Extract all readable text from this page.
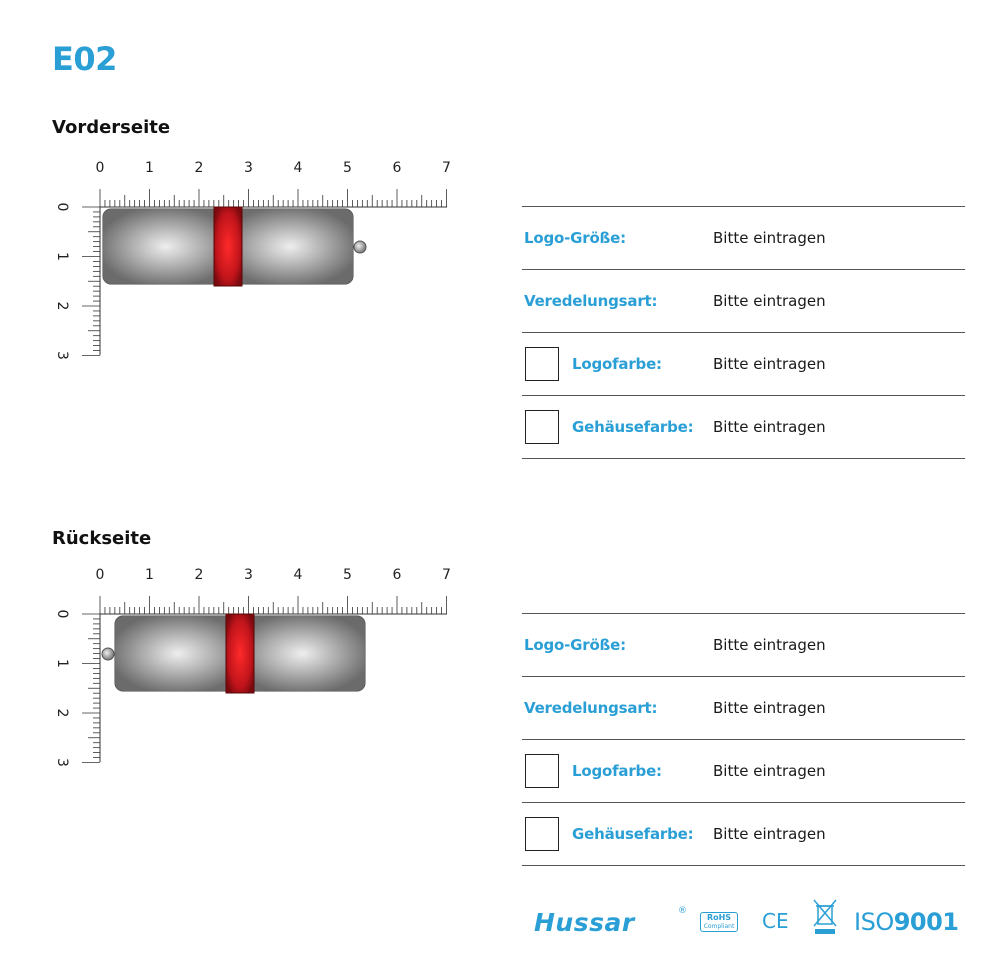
E02
Vorderseite
0	1	2	3	4	5	6	7
0
1
2
3
Logo-Größe:	Bitte eintragen
Veredelungsart:	Bitte eintragen
Logofarbe:	Bitte eintragen
Gehäusefarbe: Bitte eintragen
Rückseite
0	1	2	3	4	5	6	7
0
1
2
3
Logo-Größe:	Bitte eintragen
Veredelungsart:	Bitte eintragen
Logofarbe:	Bitte eintragen
Gehäusefarbe: Bitte eintragen
Hussar	®
RoHS
Compliant CE	ISO9001
